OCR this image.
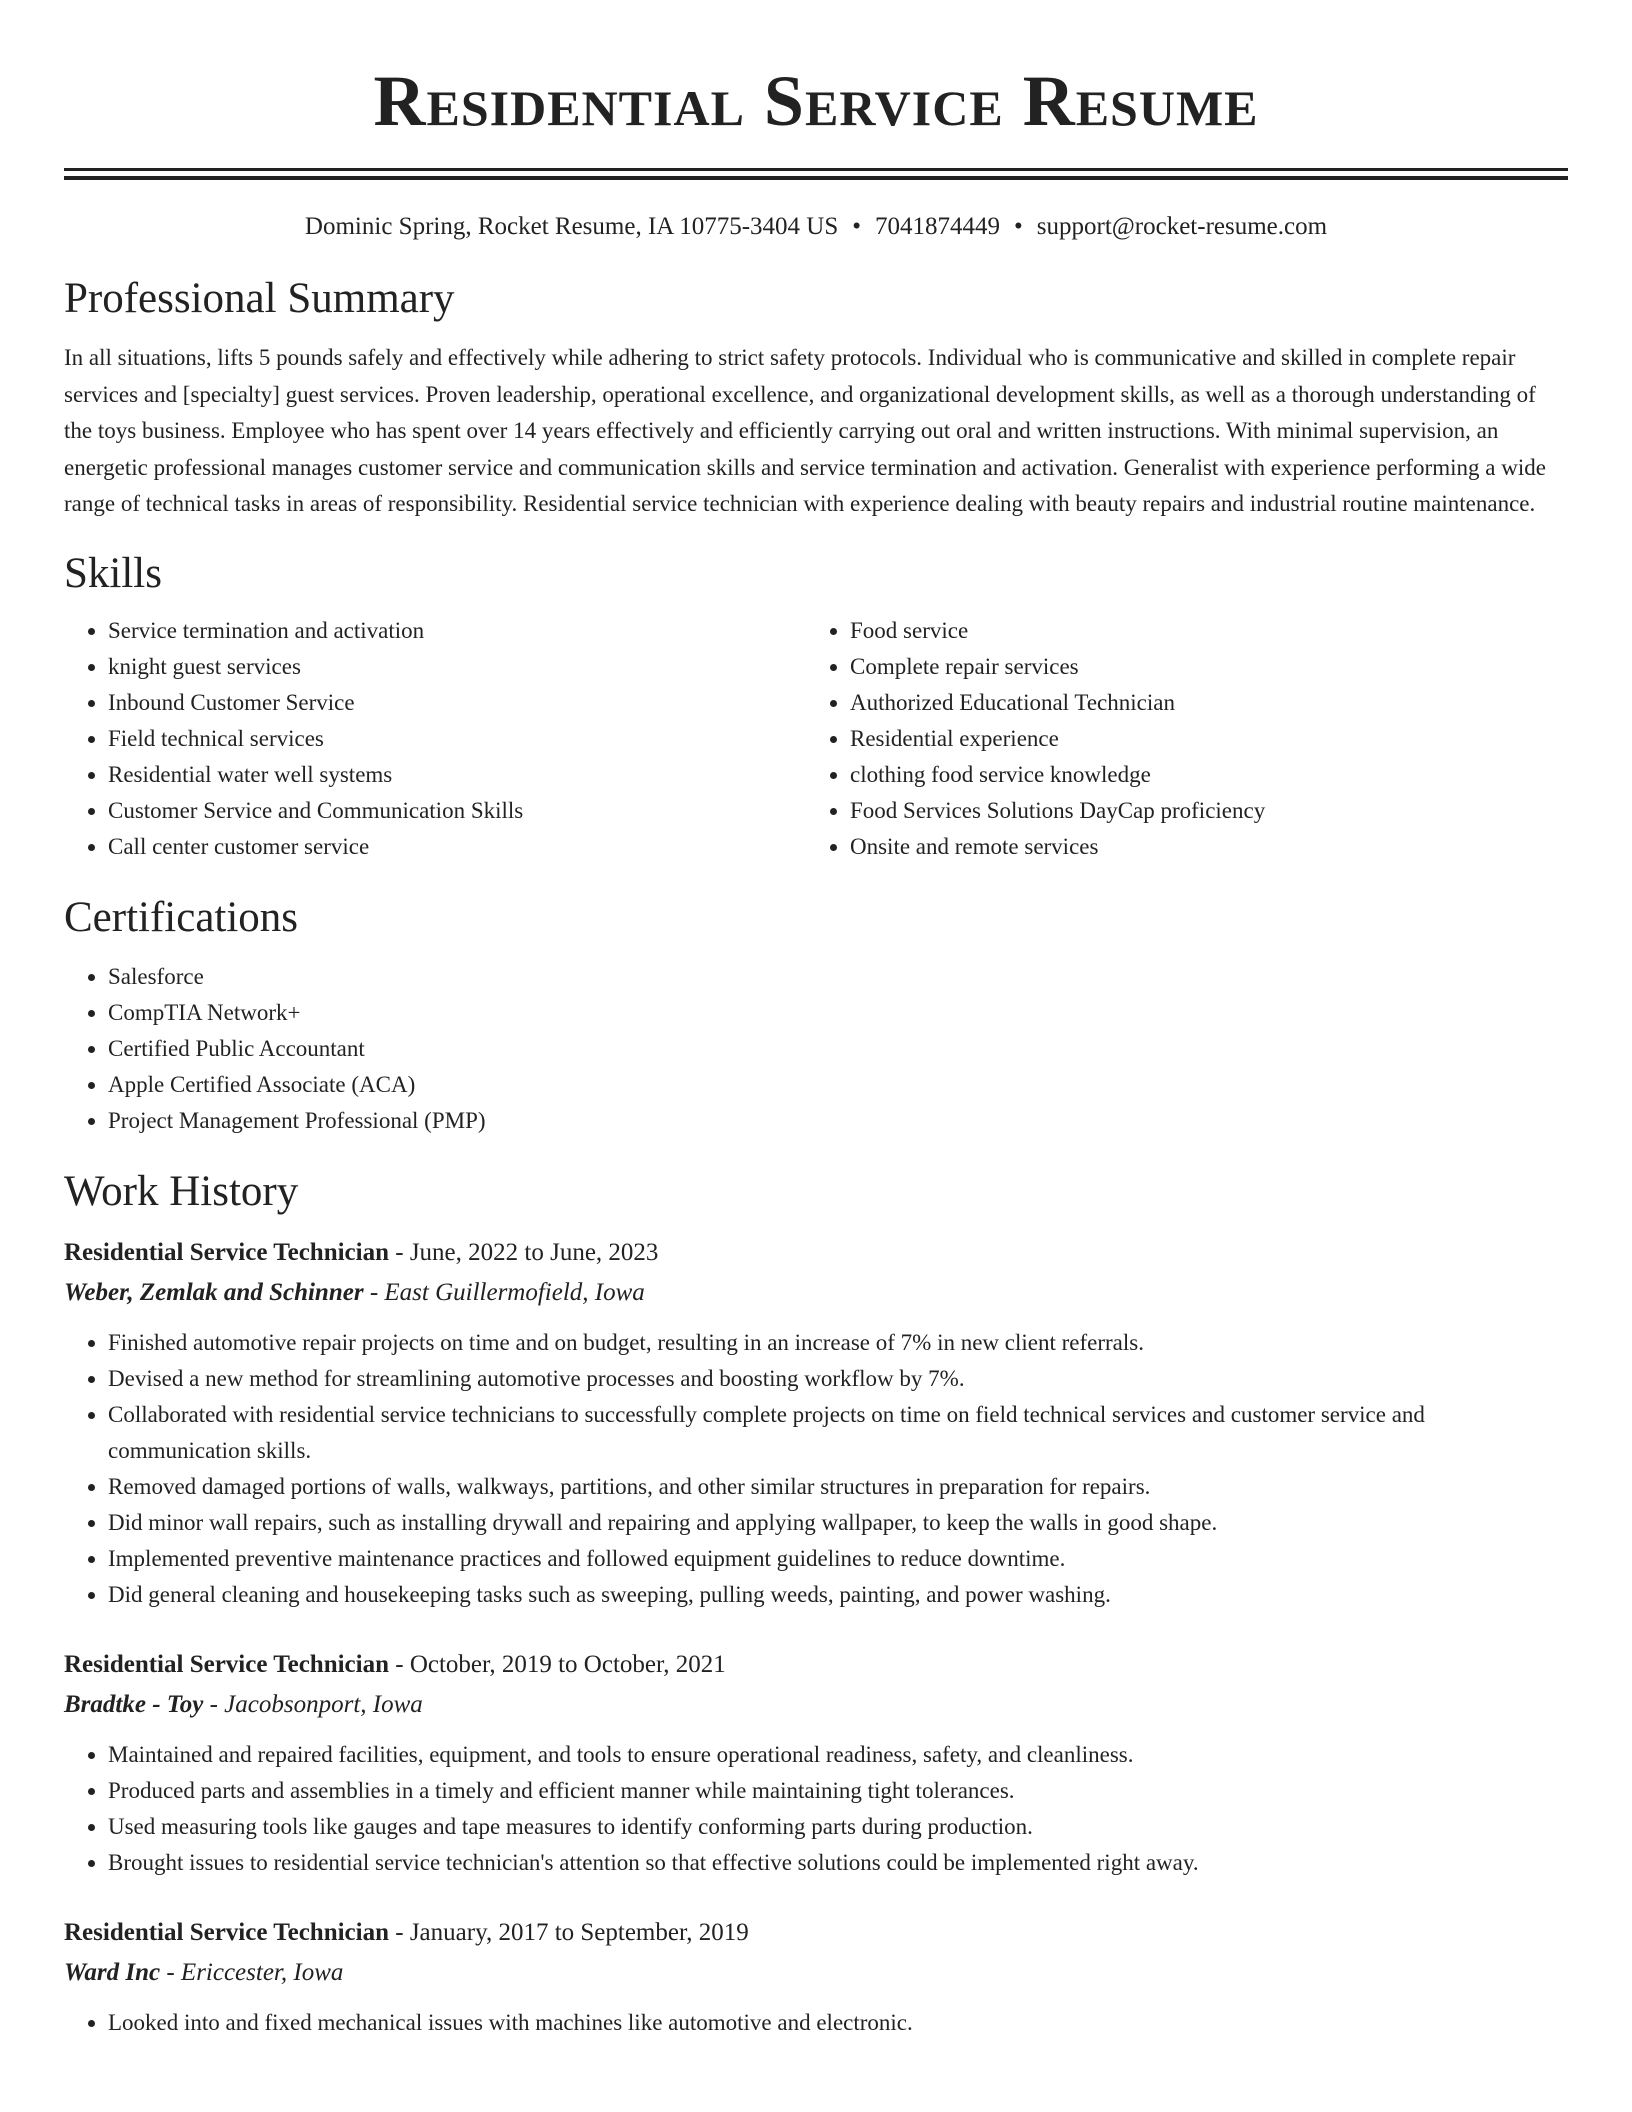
Residential Service Resume
Dominic Spring, Rocket Resume, IA 10775-3404 US • 7041874449 • support@rocket-resume.com
Professional Summary

In all situations, lifts 5 pounds safely and effectively while adhering to strict safety protocols. Individual who is communicative and skilled in complete repair services and [specialty] guest services. Proven leadership, operational excellence, and organizational development skills, as well as a thorough understanding of the toys business. Employee who has spent over 14 years effectively and efficiently carrying out oral and written instructions. With minimal supervision, an energetic professional manages customer service and communication skills and service termination and activation. Generalist with experience performing a wide range of technical tasks in areas of responsibility. Residential service technician with experience dealing with beauty repairs and industrial routine maintenance.

Skills
• Service termination and activation
• knight guest services
• Inbound Customer Service
• Field technical services
• Residential water well systems
• Customer Service and Communication Skills
• Call center customer service
• Food service
• Complete repair services
• Authorized Educational Technician
• Residential experience
• clothing food service knowledge
• Food Services Solutions DayCap proficiency
• Onsite and remote services
Certifications
• Salesforce
• CompTIA Network+
• Certified Public Accountant
• Apple Certified Associate (ACA)
• Project Management Professional (PMP)
Work History
Residential Service Technician - June, 2022 to June, 2023
Weber, Zemlak and Schinner - East Guillermofield, Iowa
• Finished automotive repair projects on time and on budget, resulting in an increase of 7% in new client referrals.
• Devised a new method for streamlining automotive processes and boosting workflow by 7%.
• Collaborated with residential service technicians to successfully complete projects on time on field technical services and customer service and communication skills.
• Removed damaged portions of walls, walkways, partitions, and other similar structures in preparation for repairs.
• Did minor wall repairs, such as installing drywall and repairing and applying wallpaper, to keep the walls in good shape.
• Implemented preventive maintenance practices and followed equipment guidelines to reduce downtime.
• Did general cleaning and housekeeping tasks such as sweeping, pulling weeds, painting, and power washing.
Residential Service Technician - October, 2019 to October, 2021
Bradtke - Toy - Jacobsonport, Iowa
• Maintained and repaired facilities, equipment, and tools to ensure operational readiness, safety, and cleanliness.
• Produced parts and assemblies in a timely and efficient manner while maintaining tight tolerances.
• Used measuring tools like gauges and tape measures to identify conforming parts during production.
• Brought issues to residential service technician's attention so that effective solutions could be implemented right away.
Residential Service Technician - January, 2017 to September, 2019
Ward Inc - Ericcester, Iowa
• Looked into and fixed mechanical issues with machines like automotive and electronic.
